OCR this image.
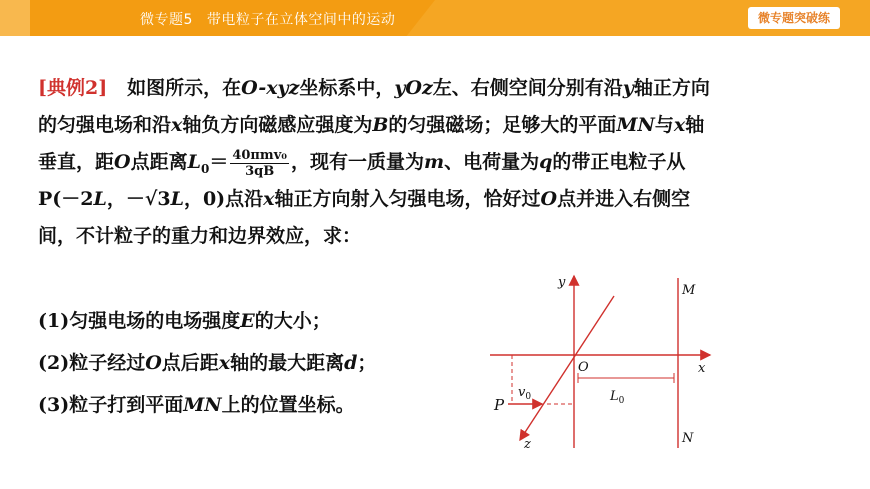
微专题5 带电粒子在立体空间中的运动	微专题突破练
[典例2] 如图所示，在O-xyz坐标系中，yOz左、右侧空间分别有沿y轴正方向
的匀强电场和沿x轴负方向磁感应强度为B的匀强磁场；足够大的平面MN与x轴
垂直，距O点距离$L_0= \frac{\text{40πmv₀}}{3qB}$ ，现有一质量为m、电荷量为q的带正电粒子从
P(－2L，－√3L，0)点沿x轴正方向射入匀强电场，恰好过O点并进入右侧空
间，不计粒子的重力和边界效应，求：
(1)匀强电场的电场强度E的大小；
(2)粒子经过O点后距x轴的最大距离d；
(3)粒子打到平面MN上的位置坐标。
y
x
z
O
M
N
P
$v_0$	$L_0$
